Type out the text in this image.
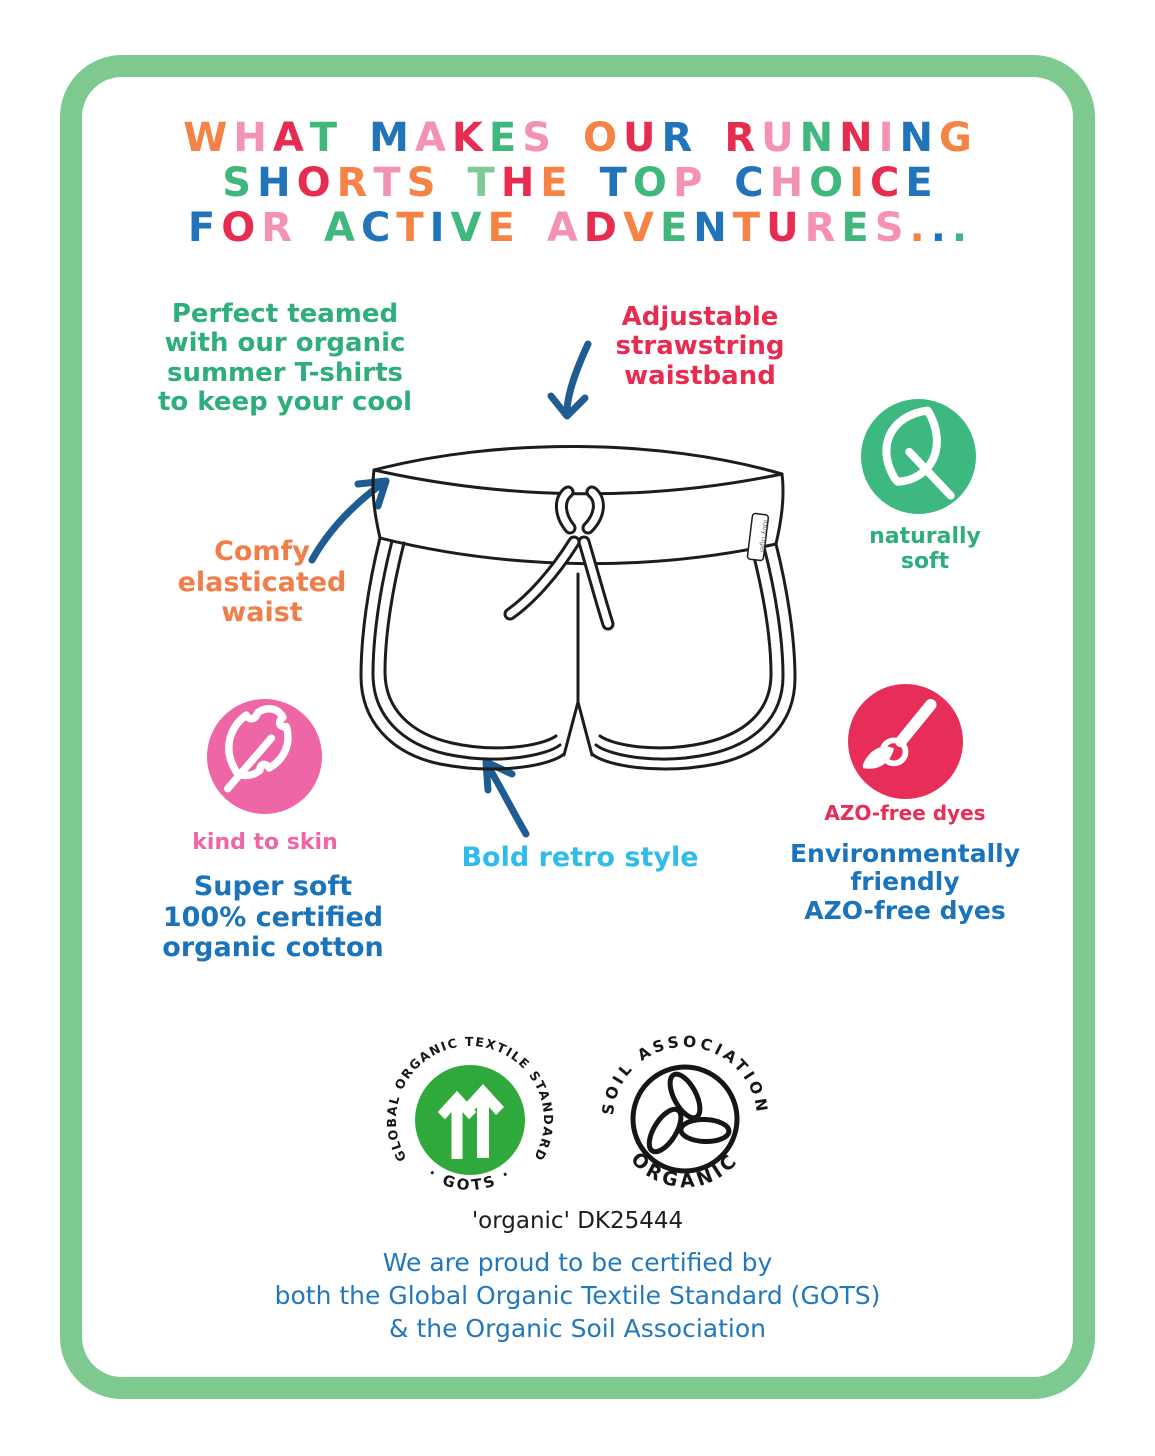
W H A T M A K E S O U R R U N N I N G
S H O R T S T H E T O P C H O I C E
F O R A C T I V E A D V E N T U R E S . . .
Perfect teamed
with our organic
summer T-shirts
to keep your cool
Adjustable
strawstring
waistband
Comfy
elasticated
waist
Bold retro style
Super soft
100% certified
organic cotton
Environmentally
friendly
AZO-free dyes
naturally soft
kind to skin
AZO-free dyes
Toby tiger
GLOBAL ORGANIC TEXTILE STANDARD
· GOTS ·
SOIL ASSOCIATION
ORGANIC
'organic' DK25444
We are proud to be certified by
both the Global Organic Textile Standard (GOTS)
& the Organic Soil Association
